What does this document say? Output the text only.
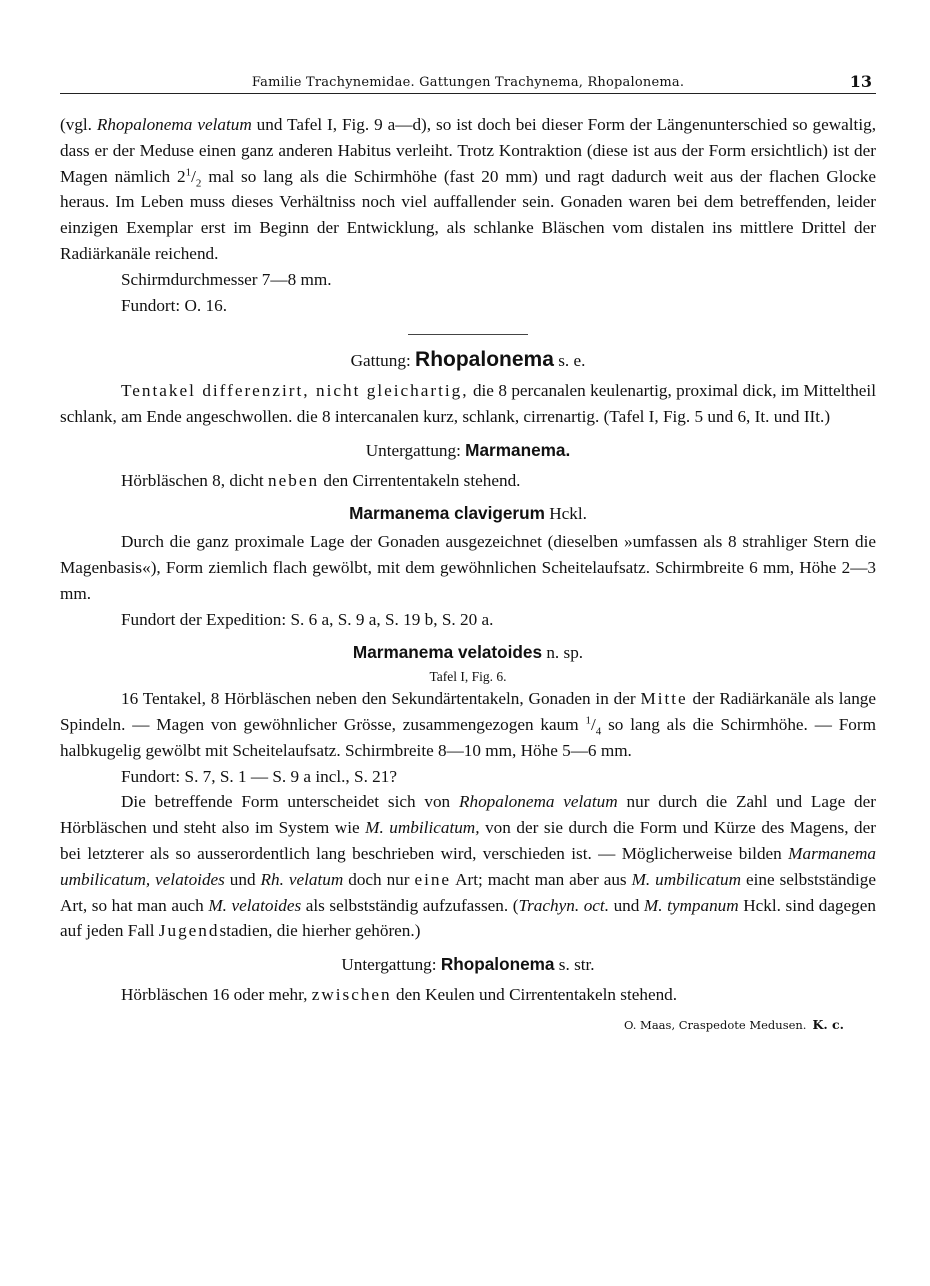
Familie Trachynemidae. Gattungen Trachynema, Rhopalonema.	13

(vgl. Rhopalonema velatum und Tafel I, Fig. 9 a—d), so ist doch bei dieser Form der Längenunterschied so gewaltig, dass er der Meduse einen ganz anderen Habitus verleiht. Trotz Kontraktion (diese ist aus der Form ersichtlich) ist der Magen nämlich $2^1/_2$ mal so lang als die Schirmhöhe (fast 20 mm) und ragt dadurch weit aus der flachen Glocke heraus. Im Leben muss dieses Verhältniss noch viel auffallender sein. Gonaden waren bei dem betreffenden, leider einzigen Exemplar erst im Beginn der Entwicklung, als schlanke Bläschen vom distalen ins mittlere Drittel der Radiärkanäle reichend.

Schirmdurchmesser 7—8 mm.

Fundort: O. 16.

Gattung: Rhopalonema s. e.

Tentakel differenzirt, nicht gleichartig, die 8 percanalen keulenartig, proximal dick, im Mitteltheil schlank, am Ende angeschwollen. die 8 intercanalen kurz, schlank, cirrenartig. (Tafel I, Fig. 5 und 6, It. und IIt.)

Untergattung: Marmanema.

Hörbläschen 8, dicht neben den Cirrententakeln stehend.

Marmanema clavigerum Hckl.

Durch die ganz proximale Lage der Gonaden ausgezeichnet (dieselben »umfassen als 8 strahliger Stern die Magenbasis«), Form ziemlich flach gewölbt, mit dem gewöhnlichen Scheitelaufsatz. Schirmbreite 6 mm, Höhe 2—3 mm.

Fundort der Expedition: S. 6 a, S. 9 a, S. 19 b, S. 20 a.

Marmanema velatoides n. sp.

Tafel I, Fig. 6.

16 Tentakel, 8 Hörbläschen neben den Sekundärtentakeln, Gonaden in der Mitte der Radiärkanäle als lange Spindeln. — Magen von gewöhnlicher Grösse, zusammengezogen kaum $^1/_4$ so lang als die Schirmhöhe. — Form halbkugelig gewölbt mit Scheitelaufsatz. Schirmbreite 8—10 mm, Höhe 5—6 mm.

Fundort: S. 7, S. 1 — S. 9 a incl., S. 21?

Die betreffende Form unterscheidet sich von Rhopalonema velatum nur durch die Zahl und Lage der Hörbläschen und steht also im System wie M. umbilicatum, von der sie durch die Form und Kürze des Magens, der bei letzterer als so ausserordentlich lang beschrieben wird, verschieden ist. — Möglicherweise bilden Marmanema umbilicatum, velatoides und Rh. velatum doch nur eine Art; macht man aber aus M. umbilicatum eine selbstständige Art, so hat man auch M. velatoides als selbstständig aufzufassen. (Trachyn. oct. und M. tympanum Hckl. sind dagegen auf jeden Fall Jugendstadien, die hierher gehören.)

Untergattung: Rhopalonema s. str.

Hörbläschen 16 oder mehr, zwischen den Keulen und Cirrententakeln stehend.

O. Maas, Craspedote Medusen. K. c.
